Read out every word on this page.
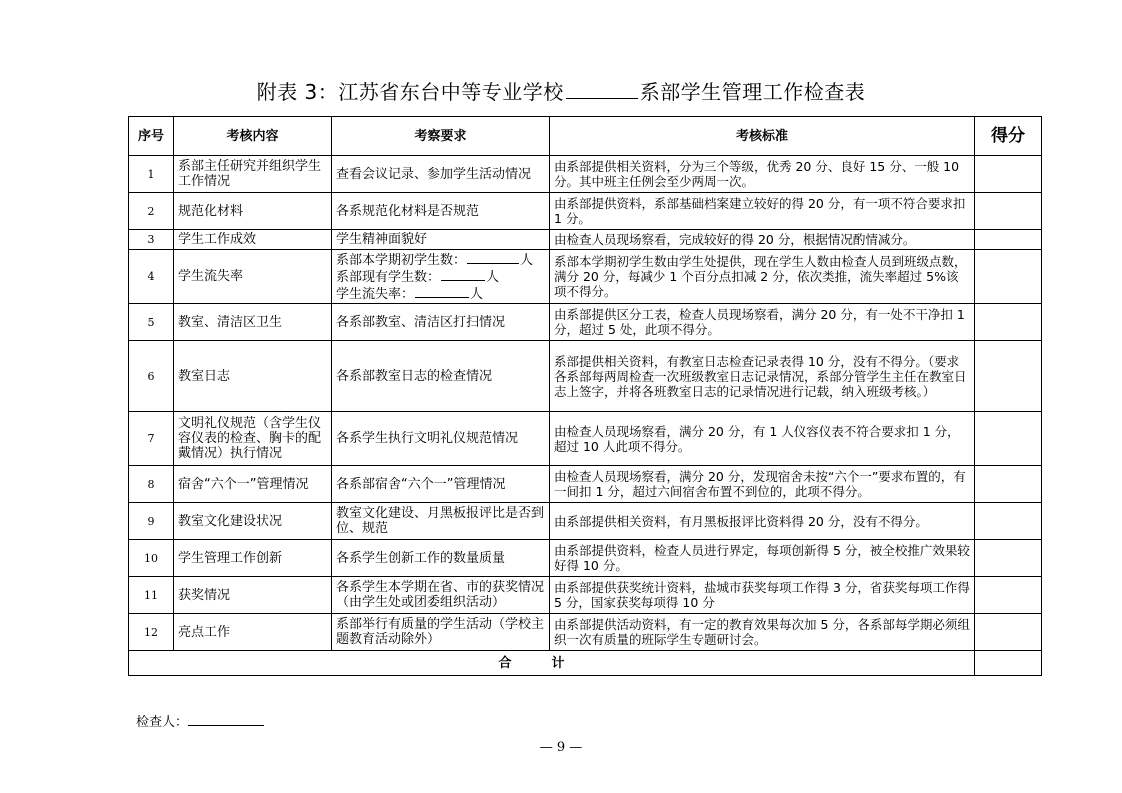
附表 3：江苏省东台中等专业学校	系部学生管理工作检查表
序号	考核内容	考察要求	考核标准	得分
1	系部主任研究并组织学生工作情况	查看会议记录、参加学生活动情况	由系部提供相关资料，分为三个等级，优秀 20 分、良好 15 分、一般 10 分。其中班主任例会至少两周一次。	
2	规范化材料	各系规范化材料是否规范	由系部提供资料，系部基础档案建立较好的得 20 分，有一项不符合要求扣 1 分。	
3	学生工作成效	学生精神面貌好	由检查人员现场察看，完成较好的得 20 分，根据情况酌情减分。	
4	学生流失率	系部本学期初学生数： 人
系部现有学生数： 人
学生流失率： 人	系部本学期初学生数由学生处提供，现在学生人数由检查人员到班级点数，满分 20 分，每减少 1 个百分点扣减 2 分，依次类推，流失率超过 5%该项不得分。	
5	教室、清洁区卫生	各系部教室、清洁区打扫情况	由系部提供区分工表，检查人员现场察看，满分 20 分，有一处不干净扣 1 分，超过 5 处，此项不得分。	
6	教室日志	各系部教室日志的检查情况	系部提供相关资料，有教室日志检查记录表得 10 分，没有不得分。（要求各系部每两周检查一次班级教室日志记录情况，系部分管学生主任在教室日志上签字，并将各班教室日志的记录情况进行记载，纳入班级考核。）	
7	文明礼仪规范（含学生仪容仪表的检查、胸卡的配戴情况）执行情况	各系学生执行文明礼仪规范情况	由检查人员现场察看，满分 20 分，有 1 人仪容仪表不符合要求扣 1 分，超过 10 人此项不得分。	
8	宿舍“六个一”管理情况	各系部宿舍“六个一”管理情况	由检查人员现场察看，满分 20 分，发现宿舍未按“六个一”要求布置的，有一间扣 1 分，超过六间宿舍布置不到位的，此项不得分。	
9	教室文化建设状况	教室文化建设、月黑板报评比是否到位、规范	由系部提供相关资料，有月黑板报评比资料得 20 分，没有不得分。	
10	学生管理工作创新	各系学生创新工作的数量质量	由系部提供资料，检查人员进行界定，每项创新得 5 分，被全校推广效果较好得 10 分。	
11	获奖情况	各系学生本学期在省、市的获奖情况（由学生处或团委组织活动）	由系部提供获奖统计资料，盐城市获奖每项工作得 3 分，省获奖每项工作得 5 分，国家获奖每项得 10 分	
12	亮点工作	系部举行有质量的学生活动（学校主题教育活动除外）	由系部提供活动资料，有一定的教育效果每次加 5 分，各系部每学期必须组织一次有质量的班际学生专题研讨会。	
合计				
检查人：
— 9 —
